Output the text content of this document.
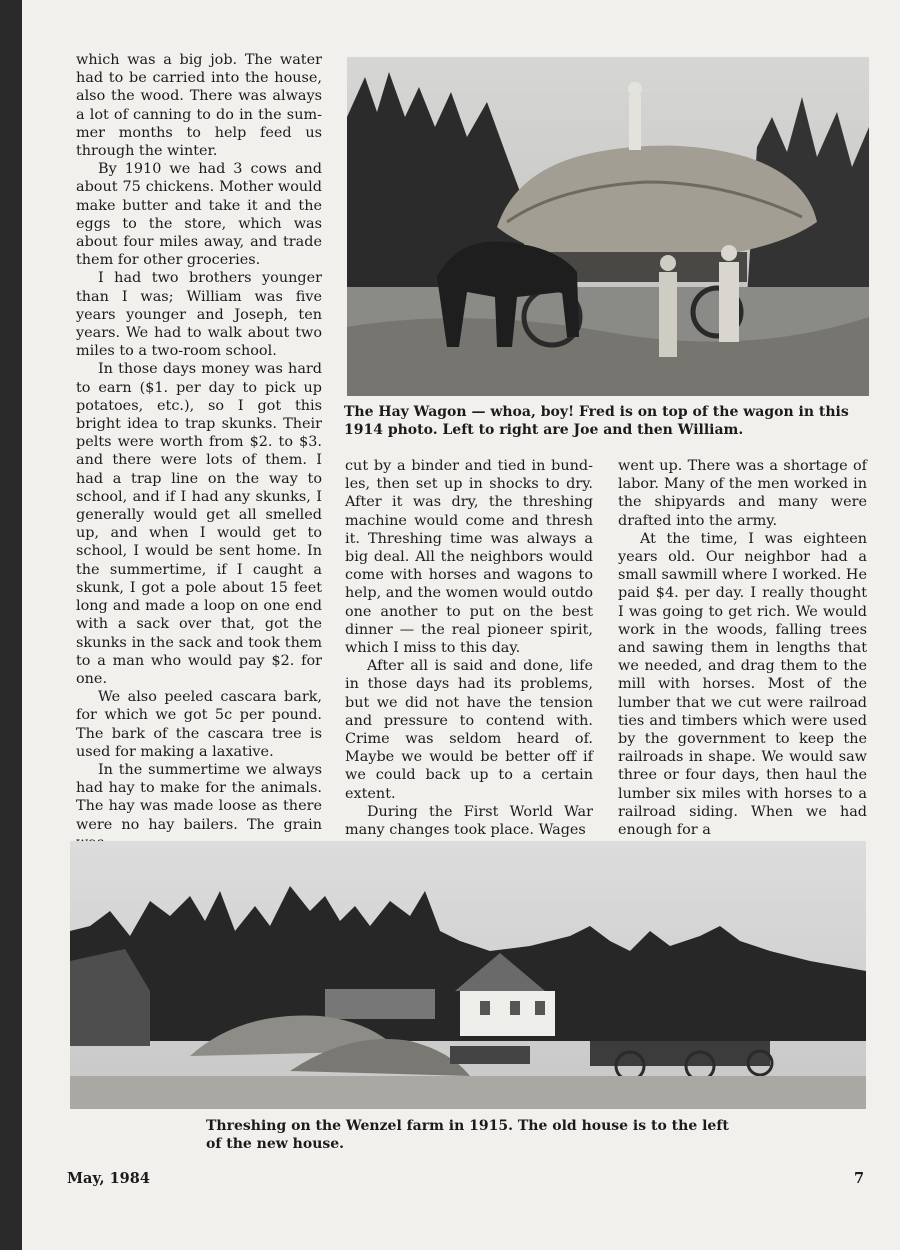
which was a big job. The water had to be carried into the house, also the wood. There was always a lot of canning to do in the summer months to help feed us through the winter.

By 1910 we had 3 cows and about 75 chickens. Mother would make butter and take it and the eggs to the store, which was about four miles away, and trade them for other groceries.

I had two brothers younger than I was; William was five years younger and Joseph, ten years. We had to walk about two miles to a two-room school.

In those days money was hard to earn ($1. per day to pick up potatoes, etc.), so I got this bright idea to trap skunks. Their pelts were worth from $2. to $3. and there were lots of them. I had a trap line on the way to school, and if I had any skunks, I generally would get all smelled up, and when I would get to school, I would be sent home. In the summertime, if I caught a skunk, I got a pole about 15 feet long and made a loop on one end with a sack over that, got the skunks in the sack and took them to a man who would pay $2. for one.

We also peeled cascara bark, for which we got 5c per pound. The bark of the cascara tree is used for making a laxative.

In the summertime we always had hay to make for the animals. The hay was made loose as there were no hay bailers. The grain

The Hay Wagon — whoa, boy! Fred is on top of the wagon in this 1914 photo. Left to right are Joe and then William.

cut by a binder and tied in bundles, then set up in shocks to dry. After it was dry, the threshing machine would come and thresh it. Threshing time was always a big deal. All the neighbors would come with horses and wagons to help, and the women would outdo one another to put on the best dinner — the real pioneer spirit, which I miss to this day.

After all is said and done, life in those days had its problems, but we did not have the tension and pressure to contend with. Crime was seldom heard of. Maybe we would be better off if we could back up to a certain extent.

During the First World War many changes took place. Wages

went up. There was a shortage of labor. Many of the men worked in the shipyards and many were drafted into the army.

At the time, I was eighteen years old. Our neighbor had a small sawmill where I worked. He paid $4. per day. I really thought I was going to get rich. We would work in the woods, falling trees and sawing them in lengths that we needed, and drag them to the mill with horses. Most of the lumber that we cut were railroad ties and timbers which were used by the government to keep the railroads in shape. We would saw three or four days, then haul the lumber six miles with horses to a railroad siding. When we had enough for a

Threshing on the Wenzel farm in 1915. The old house is to the left of the new house.
May, 1984	7
